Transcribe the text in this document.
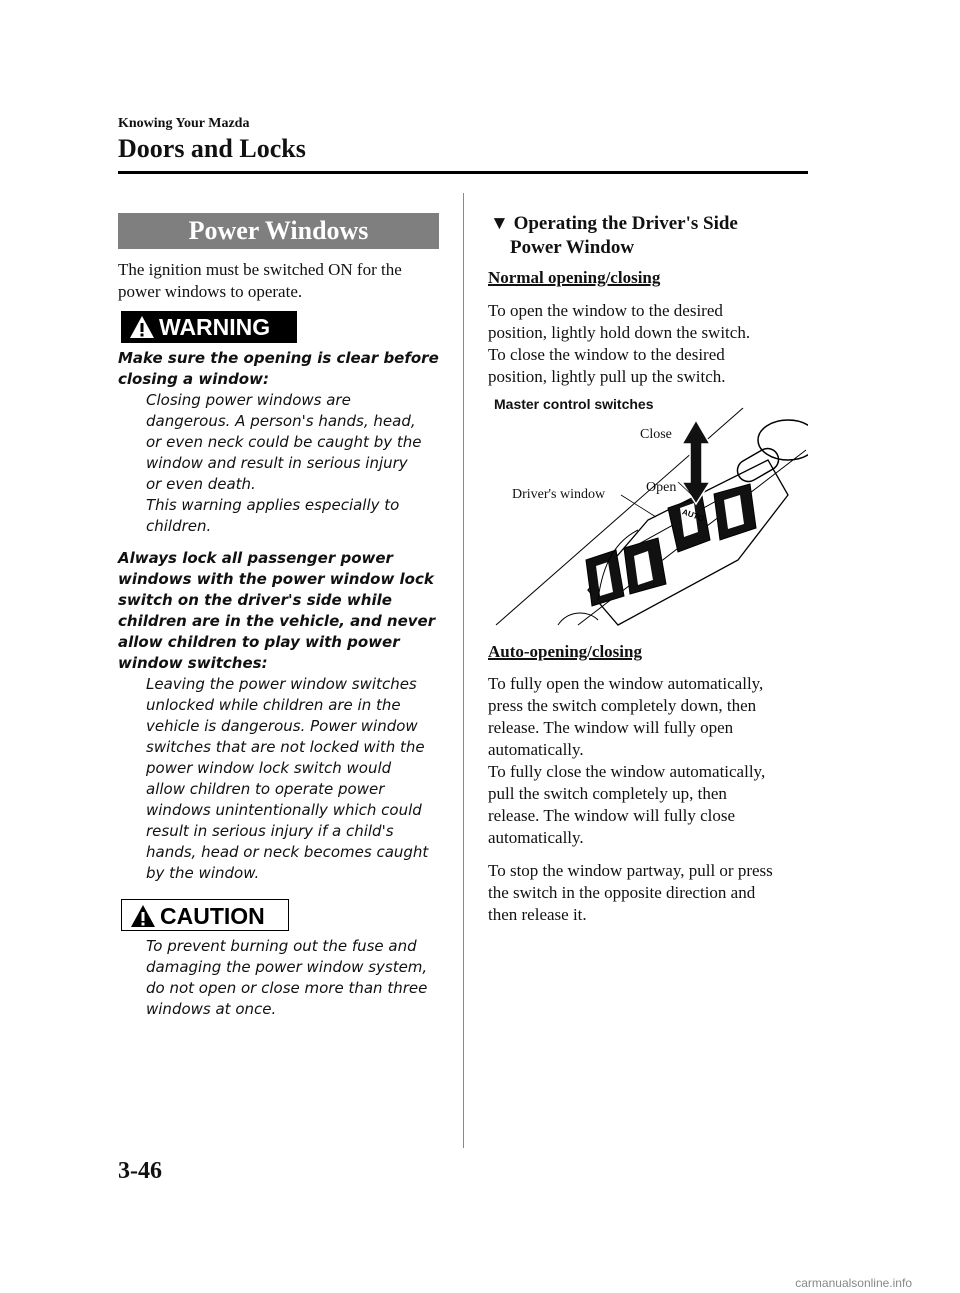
Knowing Your Mazda
Doors and Locks
Power Windows
The ignition must be switched ON for the
power windows to operate.
WARNING
Make sure the opening is clear before
closing a window:
Closing power windows are
dangerous. A person's hands, head,
or even neck could be caught by the
window and result in serious injury
or even death.
This warning applies especially to
children.
Always lock all passenger power
windows with the power window lock
switch on the driver's side while
children are in the vehicle, and never
allow children to play with power
window switches:
Leaving the power window switches
unlocked while children are in the
vehicle is dangerous. Power window
switches that are not locked with the
power window lock switch would
allow children to operate power
windows unintentionally which could
result in serious injury if a child's
hands, head or neck becomes caught
by the window.
CAUTION
To prevent burning out the fuse and
damaging the power window system,
do not open or close more than three
windows at once.
▼ Operating the Driver's Side
Power Window
Normal opening/closing
To open the window to the desired
position, lightly hold down the switch.
To close the window to the desired
position, lightly pull up the switch.
Master control switches
Close
Open
Driver's window
AUTO
Auto-opening/closing
To fully open the window automatically,
press the switch completely down, then
release. The window will fully open
automatically.
To fully close the window automatically,
pull the switch completely up, then
release. The window will fully close
automatically.
To stop the window partway, pull or press
the switch in the opposite direction and
then release it.
3-46
carmanualsonline.info
